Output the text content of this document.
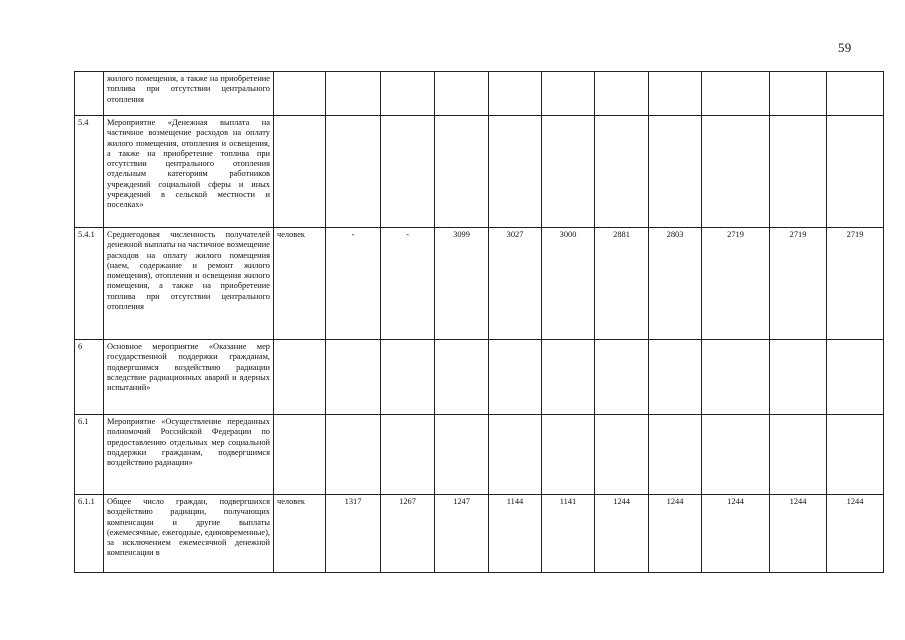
59
	жилого помещения, а также на приобретение топлива при отсутствии центрального отопления											
5.4	Мероприятие «Денежная выплата на частичное возмещение расходов на оплату жилого помещения, отопления и освещения, а также на приобретение топлива при отсутствии центрального отопления отдельным категориям работников учреждений социальной сферы и иных учреждений в сельской местности и поселках»											
5.4.1	Среднегодовая численность получателей денежной выплаты на частичное возмещение расходов на оплату жилого помещения (наем, содержание и ремонт жилого помещения), отопления и освещения жилого помещения, а также на приобретение топлива при отсутствии центрального отопления	человек	-	-	3099	3027	3000	2881	2803	2719	2719	2719
6	Основное мероприятие «Оказание мер государственной поддержки гражданам, подвергшимся воздействию радиации вследствие радиационных аварий и ядерных испытаний»											
6.1	Мероприятие «Осуществление переданных полномочий Российской Федерации по предоставлению отдельных мер социальной поддержки гражданам, подвергшимся воздействию радиации»											
6.1.1	Общее число граждан, подвергшихся воздействию радиации, получающих компенсации и другие выплаты (ежемесячные, ежегодные, единовременные), за исключением ежемесячной денежной компенсации в	человек	1317	1267	1247	1144	1141	1244	1244	1244	1244	1244
